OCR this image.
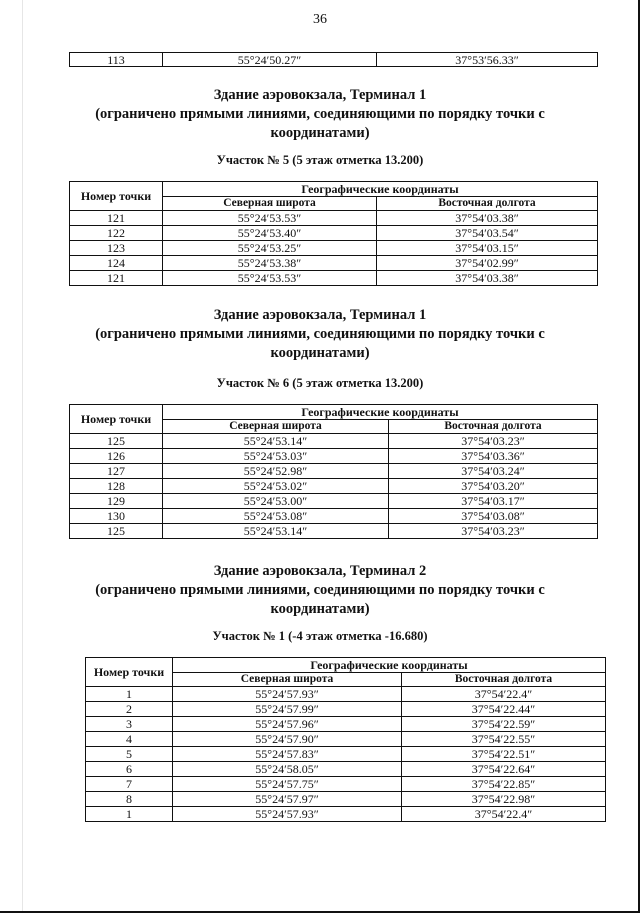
36
113	55°24′50.27″	37°53′56.33″
Здание аэровокзала, Терминал 1
(ограничено прямыми линиями, соединяющими по порядку точки с
координатами)
Участок № 5 (5 этаж отметка 13.200)
Номер точки	Географические координаты	
	Северная широта	Восточная долгота
121	55°24′53.53″	37°54′03.38″
122	55°24′53.40″	37°54′03.54″
123	55°24′53.25″	37°54′03.15″
124	55°24′53.38″	37°54′02.99″
121	55°24′53.53″	37°54′03.38″
Здание аэровокзала, Терминал 1
(ограничено прямыми линиями, соединяющими по порядку точки с
координатами)
Участок № 6 (5 этаж отметка 13.200)
Номер точки	Географические координаты	
	Северная широта	Восточная долгота
125	55°24′53.14″	37°54′03.23″
126	55°24′53.03″	37°54′03.36″
127	55°24′52.98″	37°54′03.24″
128	55°24′53.02″	37°54′03.20″
129	55°24′53.00″	37°54′03.17″
130	55°24′53.08″	37°54′03.08″
125	55°24′53.14″	37°54′03.23″
Здание аэровокзала, Терминал 2
(ограничено прямыми линиями, соединяющими по порядку точки с
координатами)
Участок № 1 (-4 этаж отметка -16.680)
Номер точки	Географические координаты	
	Северная широта	Восточная долгота
1	55°24′57.93″	37°54′22.4″
2	55°24′57.99″	37°54′22.44″
3	55°24′57.96″	37°54′22.59″
4	55°24′57.90″	37°54′22.55″
5	55°24′57.83″	37°54′22.51″
6	55°24′58.05″	37°54′22.64″
7	55°24′57.75″	37°54′22.85″
8	55°24′57.97″	37°54′22.98″
1	55°24′57.93″	37°54′22.4″
